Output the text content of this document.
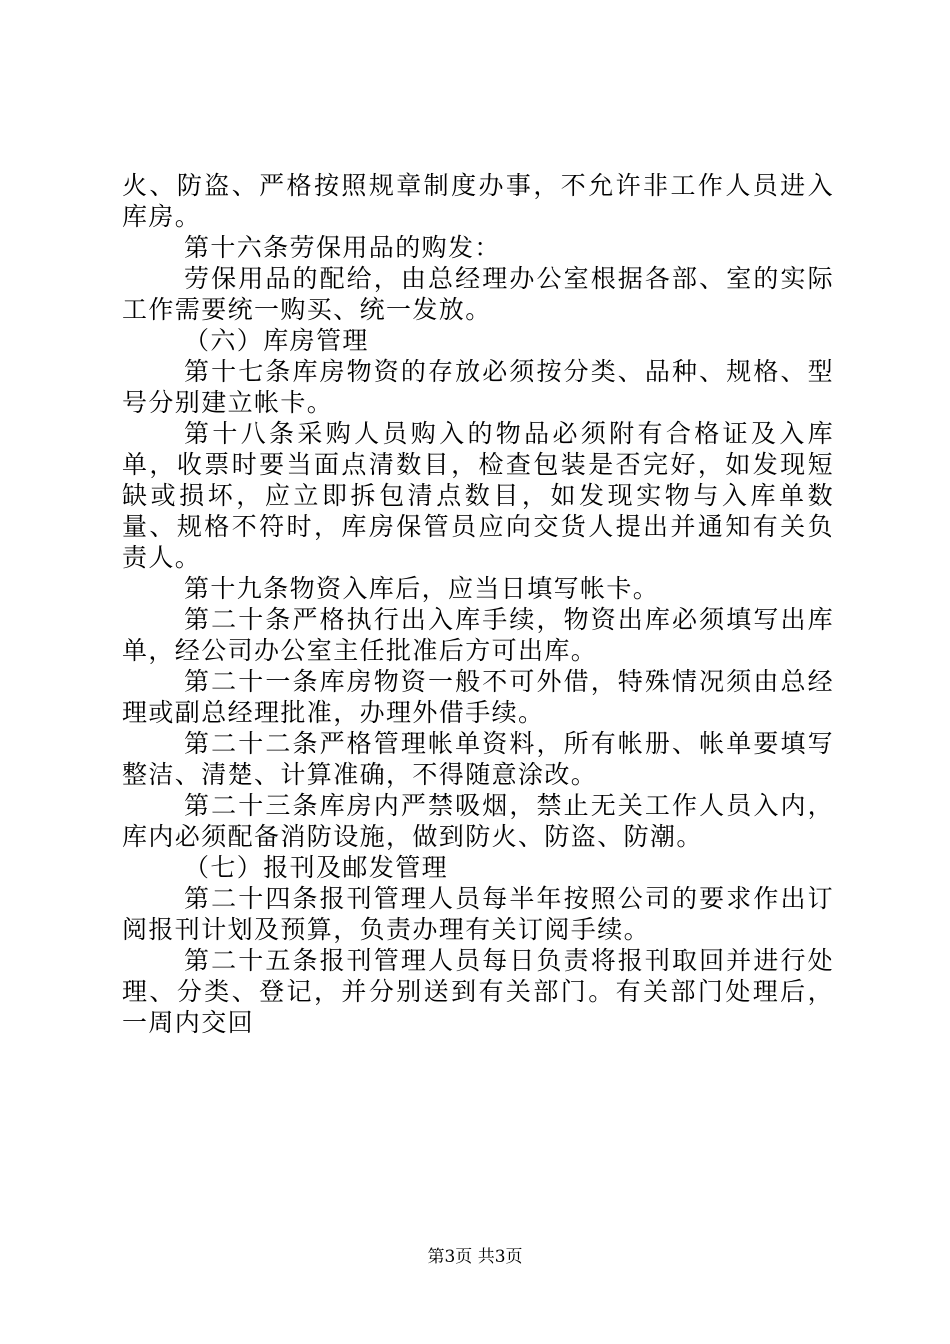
火、防盗、严格按照规章制度办事，不允许非工作人员进入库房。

第十六条劳保用品的购发：

劳保用品的配给，由总经理办公室根据各部、室的实际工作需要统一购买、统一发放。

（六）库房管理

第十七条库房物资的存放必须按分类、品种、规格、型号分别建立帐卡。

第十八条采购人员购入的物品必须附有合格证及入库单，收票时要当面点清数目，检查包装是否完好，如发现短缺或损坏，应立即拆包清点数目，如发现实物与入库单数量、规格不符时，库房保管员应向交货人提出并通知有关负责人。

第十九条物资入库后，应当日填写帐卡。

第二十条严格执行出入库手续，物资出库必须填写出库单，经公司办公室主任批准后方可出库。

第二十一条库房物资一般不可外借，特殊情况须由总经理或副总经理批准，办理外借手续。

第二十二条严格管理帐单资料，所有帐册、帐单要填写整洁、清楚、计算准确，不得随意涂改。

第二十三条库房内严禁吸烟，禁止无关工作人员入内，库内必须配备消防设施，做到防火、防盗、防潮。

（七）报刊及邮发管理

第二十四条报刊管理人员每半年按照公司的要求作出订阅报刊计划及预算，负责办理有关订阅手续。

第二十五条报刊管理人员每日负责将报刊取回并进行处理、分类、登记，并分别送到有关部门。有关部门处理后，一周内交回

第3页 共3页
